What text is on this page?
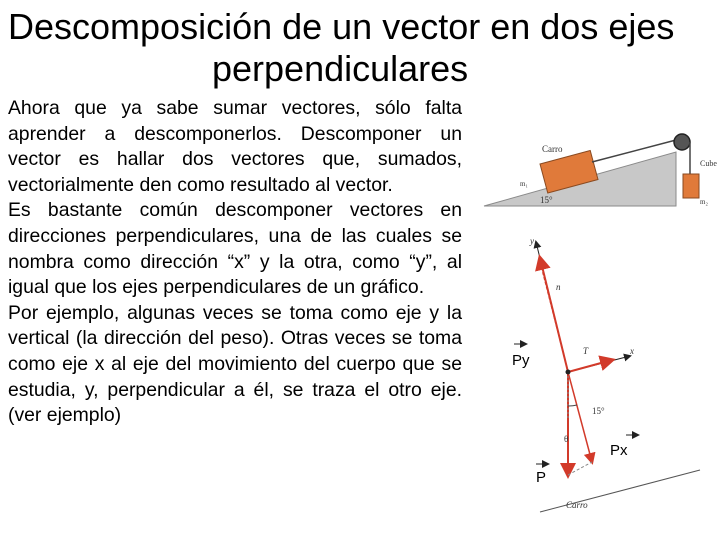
Descomposición de un vector en dos ejes
perpendiculares

Ahora que ya sabe sumar vectores, sólo falta aprender a descomponerlos. Descomponer un vector es hallar dos vectores que, sumados, vectorialmente den como resultado al vector.

Es bastante común descomponer vectores en direcciones perpendiculares, una de las cuales se nombra como dirección “x” y la otra, como “y”, al igual que los ejes perpendiculares de un gráfico.

Por ejemplo, algunas veces se toma como eje y la vertical (la dirección del peso). Otras veces se toma como eje x al eje del movimiento del cuerpo que se estudia, y, perpendicular a él, se traza el otro eje. (ver ejemplo)

Carro
Cube
15°
m₁
m₂
y
n
T	x
15°
θ
Carro
Py
Px
P
